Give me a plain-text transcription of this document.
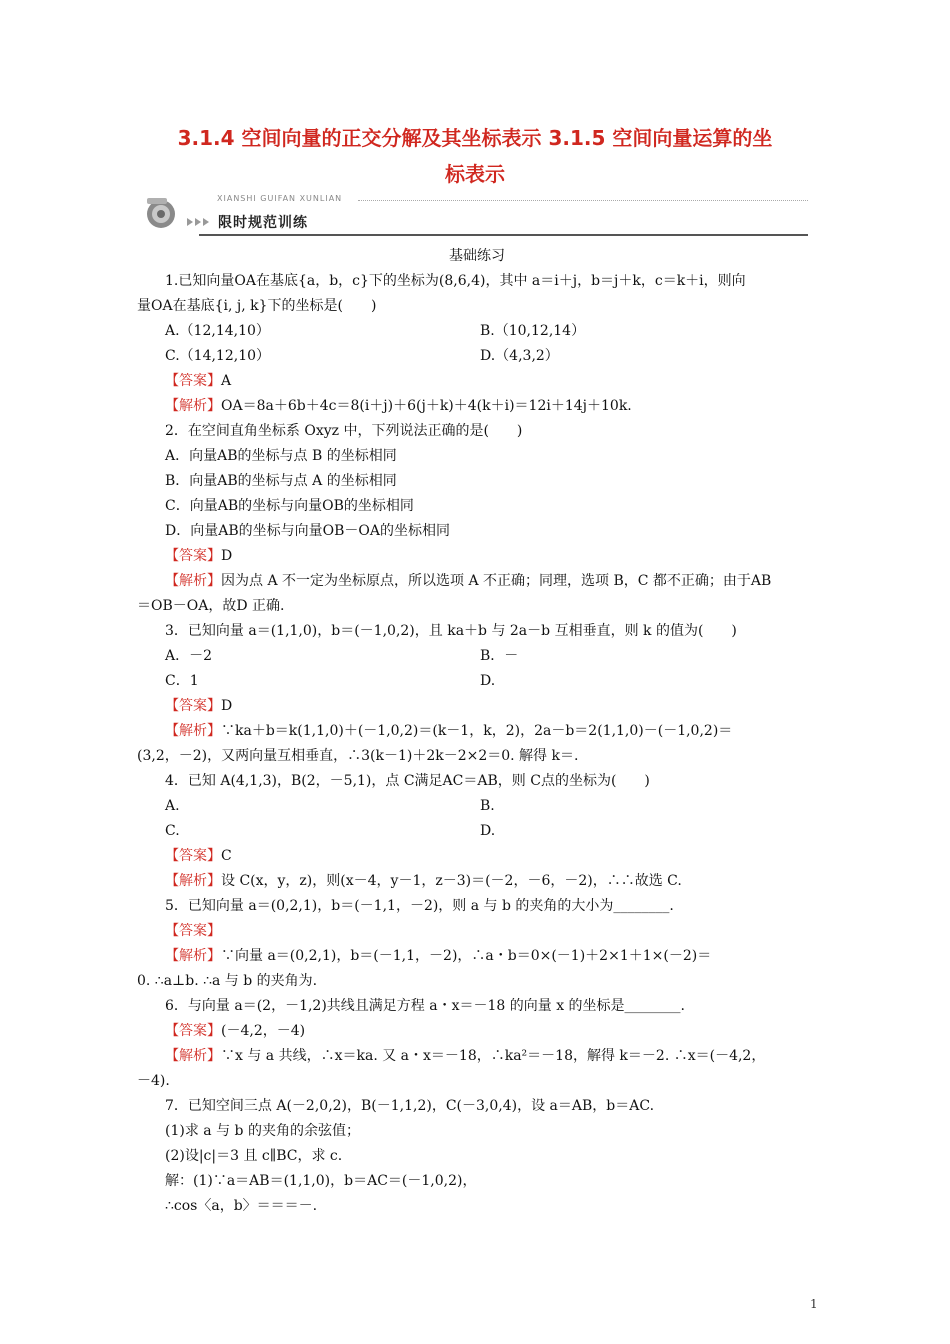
3.1.4 空间向量的正交分解及其坐标表示 3.1.5 空间向量运算的坐
标表示
XIANSHI GUIFAN XUNLIAN
限时规范训练
基础练习
1.已知向量OA在基底{a，b，c}下的坐标为(8,6,4)，其中 a＝i＋j，b＝j＋k，c＝k＋i，则向
量OA在基底{i, j, k}下的坐标是(　　)
A.（12,14,10）	B.（10,12,14）
C.（14,12,10）	D.（4,3,2）
【答案】A
【解析】OA＝8a＋6b＋4c＝8(i＋j)＋6(j＋k)＋4(k＋i)＝12i＋14j＋10k.
2．在空间直角坐标系 Oxyz 中，下列说法正确的是(　　)
A．向量AB的坐标与点 B 的坐标相同
B．向量AB的坐标与点 A 的坐标相同
C．向量AB的坐标与向量OB的坐标相同
D．向量AB的坐标与向量OB－OA的坐标相同
【答案】D
【解析】因为点 A 不一定为坐标原点，所以选项 A 不正确；同理，选项 B，C 都不正确；由于AB
＝OB－OA，故D 正确.
3．已知向量 a＝(1,1,0)，b＝(－1,0,2)，且 ka＋b 与 2a－b 互相垂直，则 k 的值为(　　)
A．－2	B．－
C．1	D.
【答案】D
【解析】∵ka＋b＝k(1,1,0)＋(－1,0,2)＝(k－1，k，2)，2a－b＝2(1,1,0)－(－1,0,2)＝
(3,2，－2)，又两向量互相垂直，∴3(k－1)＋2k－2×2＝0. 解得 k＝.
4．已知 A(4,1,3)，B(2，－5,1)，点 C满足AC＝AB，则 C点的坐标为(　　)
A.	B.
C.	D.
【答案】C
【解析】设 C(x，y，z)，则(x－4，y－1，z－3)＝(－2，－6，－2)，∴∴故选 C.
5．已知向量 a＝(0,2,1)，b＝(－1,1，－2)，则 a 与 b 的夹角的大小为________.
【答案】
【解析】∵向量 a＝(0,2,1)，b＝(－1,1，－2)，∴a・b＝0×(－1)＋2×1＋1×(－2)＝
0. ∴a⊥b. ∴a 与 b 的夹角为.
6．与向量 a＝(2，－1,2)共线且满足方程 a・x＝－18 的向量 x 的坐标是________.
【答案】(－4,2，－4)
【解析】∵x 与 a 共线，∴x＝ka. 又 a・x＝－18，∴ka²＝－18，解得 k＝－2. ∴x＝(－4,2，
－4).
7．已知空间三点 A(－2,0,2)，B(－1,1,2)，C(－3,0,4)，设 a＝AB，b＝AC.
(1)求 a 与 b 的夹角的余弦值；
(2)设|c|＝3 且 c∥BC，求 c.
解：(1)∵a＝AB＝(1,1,0)，b＝AC＝(－1,0,2)，
∴cos〈a，b〉＝＝＝－.
1
